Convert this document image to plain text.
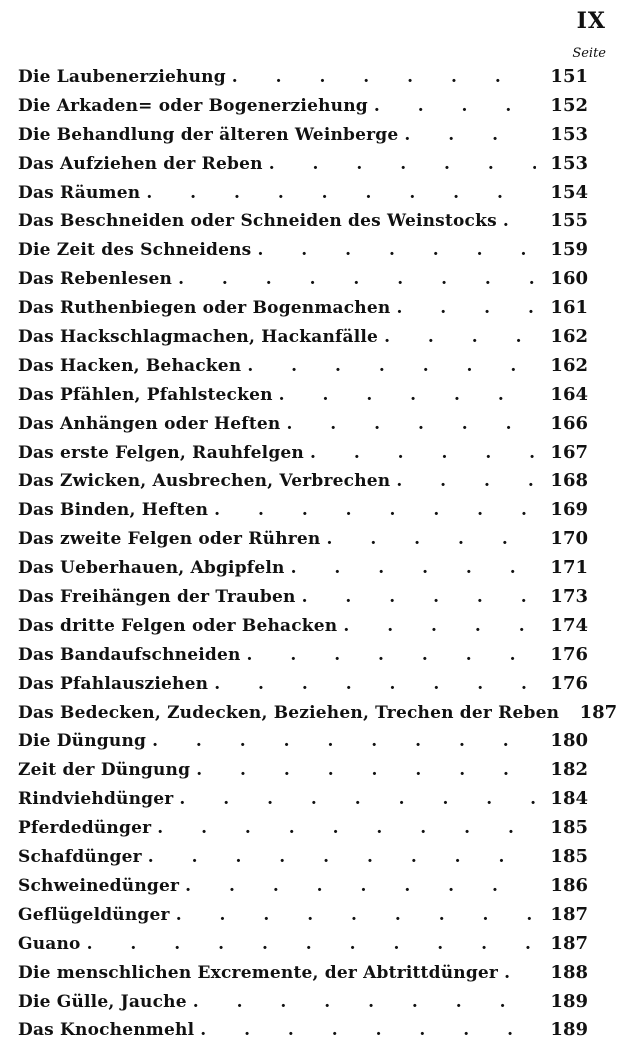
IX
Seite
Die Laubenerziehung . . .	151
Die Arkaden= oder Bogenerziehung . . .	152
Die Behandlung der älteren Weinberge . . .	153
Das Aufziehen der Reben . . .	153
Das Räumen . . .	154
Das Beschneiden oder Schneiden des Weinstocks . . .	155
Die Zeit des Schneidens . . .	159
Das Rebenlesen . . .	160
Das Ruthenbiegen oder Bogenmachen . . .	161
Das Hackschlagmachen, Hackanfälle . . .	162
Das Hacken, Behacken . . .	162
Das Pfählen, Pfahlstecken . . .	164
Das Anhängen oder Heften . . .	166
Das erste Felgen, Rauhfelgen . . .	167
Das Zwicken, Ausbrechen, Verbrechen . . .	168
Das Binden, Heften . . .	169
Das zweite Felgen oder Rühren . . .	170
Das Ueberhauen, Abgipfeln . . .	171
Das Freihängen der Trauben . . .	173
Das dritte Felgen oder Behacken . . .	174
Das Bandaufschneiden . . .	176
Das Pfahlausziehen . . .	176
Das Bedecken, Zudecken, Beziehen, Trechen der Reben	187
Die Düngung . . .	180
Zeit der Düngung . . .	182
Rindviehdünger . . .	184
Pferdedünger . . .	185
Schafdünger . . .	185
Schweinedünger . . .	186
Geflügeldünger . . .	187
Guano . . .	187
Die menschlichen Excremente, der Abtrittdünger . . .	188
Die Gülle, Jauche . . .	189
Das Knochenmehl . . .	189
